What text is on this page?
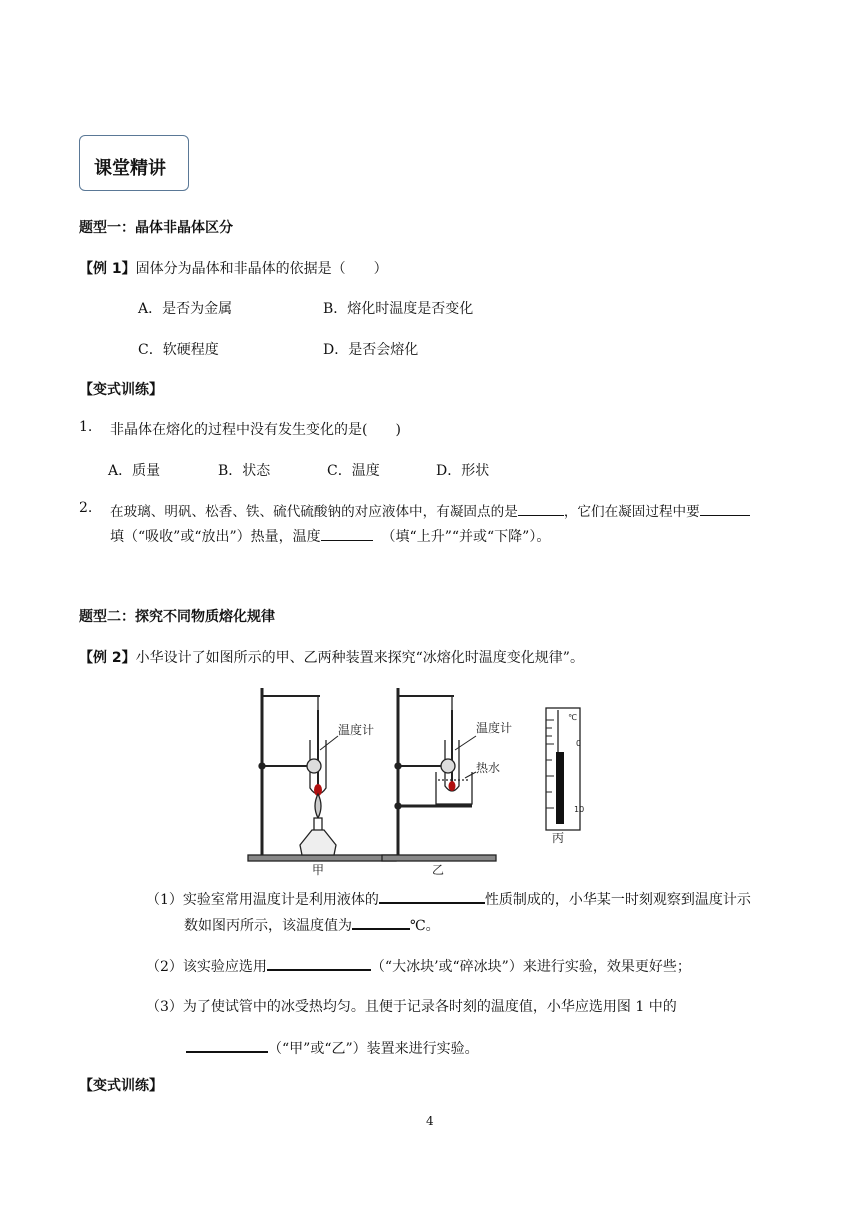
课堂精讲
题型一：晶体非晶体区分
【例 1】固体分为晶体和非晶体的依据是（　　）
A．是否为金属	B．熔化时温度是否变化
C．软硬程度	D．是否会熔化
【变式训练】
1. 非晶体在熔化的过程中没有发生变化的是(　　)
A．质量	B．状态	C．温度	D．形状
2. 在玻璃、明矾、松香、铁、硫代硫酸钠的对应液体中，有凝固点的是	，它们在凝固过程中要
填（“吸收”或“放出”）热量，温度	（填“上升”“并或“下降”）。
题型二：探究不同物质熔化规律
【例 2】小华设计了如图所示的甲、乙两种装置来探究“冰熔化时温度变化规律”。
温度计	温度计
热水
甲	乙
丙
℃
0
10
（1）实验室常用温度计是利用液体的	性质制成的，小华某一时刻观察到温度计示
数如图丙所示，该温度值为	℃。
（2）该实验应选用	（“大冰块’或“碎冰块”）来进行实验，效果更好些；
（3）为了使试管中的冰受热均匀。且便于记录各时刻的温度值，小华应选用图 1 中的
（“甲”或“乙”）装置来进行实验。
【变式训练】
4
